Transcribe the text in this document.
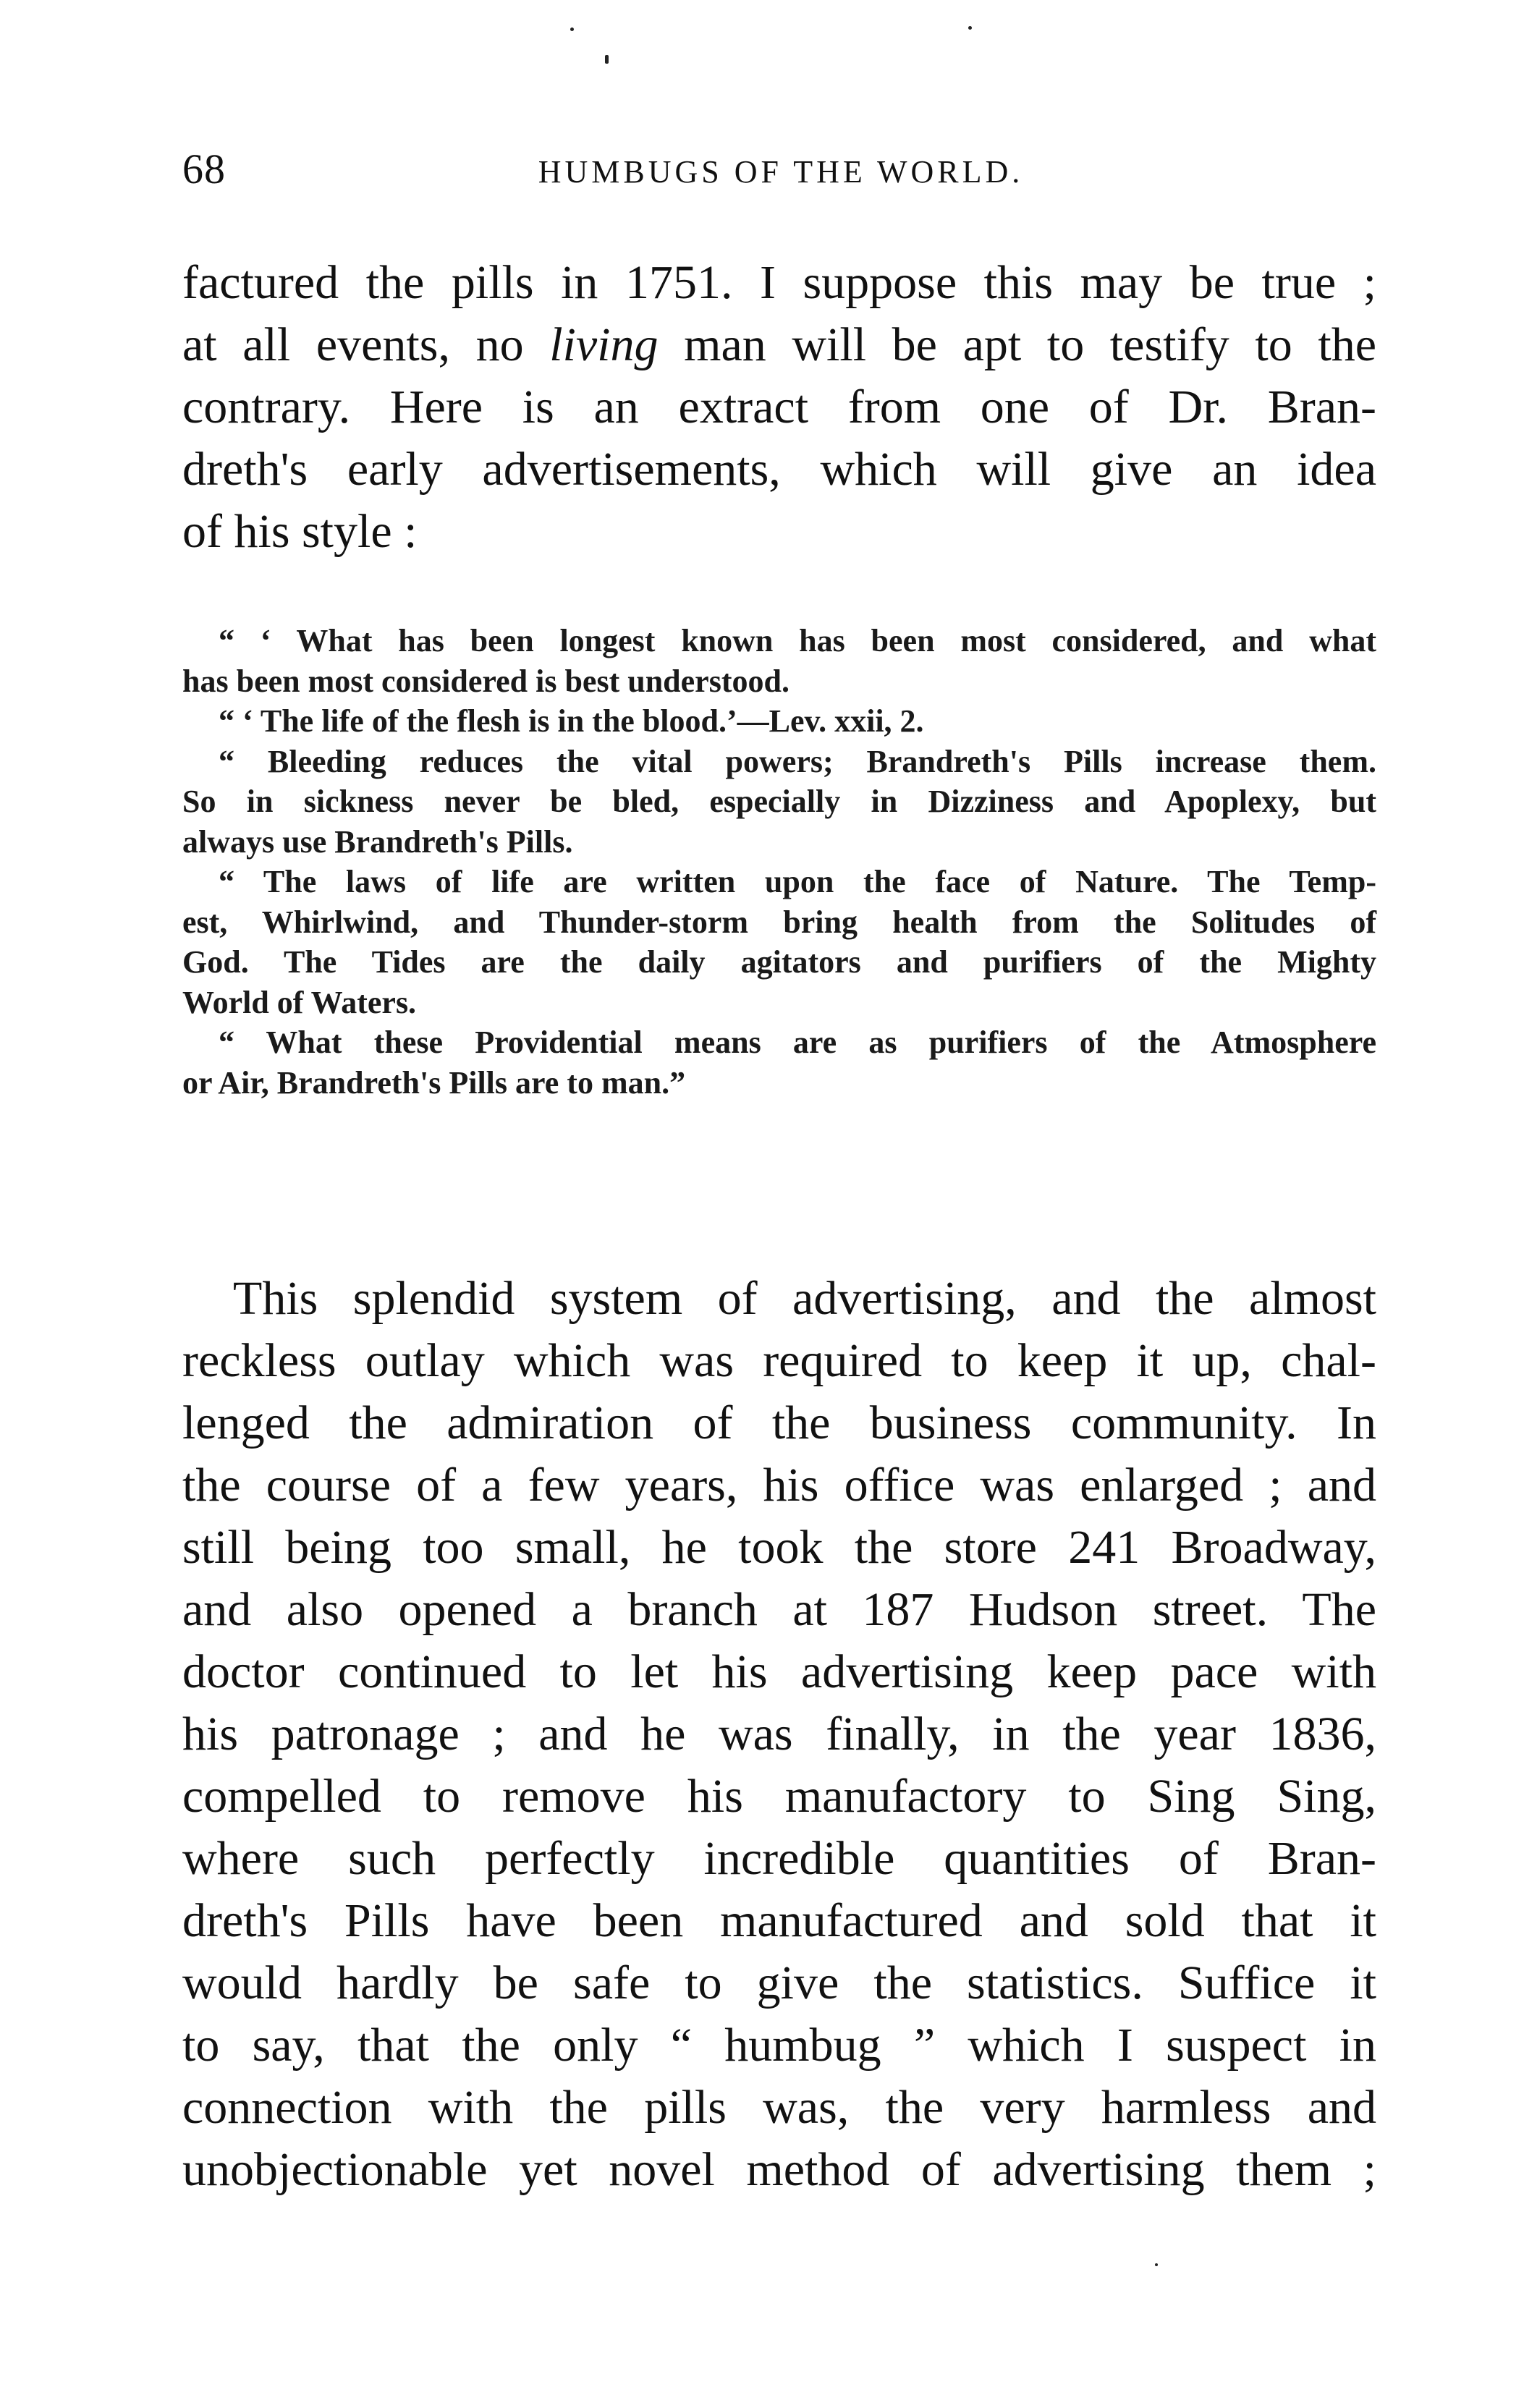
68	HUMBUGS OF THE WORLD.
factured the pills in 1751. I suppose this may be true ;
at all events, no living man will be apt to testify to the
contrary. Here is an extract from one of Dr. Bran-
dreth's early advertisements, which will give an idea
of his style :
“ ‘ What has been longest known has been most considered, and what
has been most considered is best understood.
“ ‘ The life of the flesh is in the blood.’—Lev. xxii, 2.
“ Bleeding reduces the vital powers; Brandreth's Pills increase them.
So in sickness never be bled, especially in Dizziness and Apoplexy, but
always use Brandreth's Pills.
“ The laws of life are written upon the face of Nature. The Temp-
est, Whirlwind, and Thunder-storm bring health from the Solitudes of
God. The Tides are the daily agitators and purifiers of the Mighty
World of Waters.
“ What these Providential means are as purifiers of the Atmosphere
or Air, Brandreth's Pills are to man.”
This splendid system of advertising, and the almost
reckless outlay which was required to keep it up, chal-
lenged the admiration of the business community. In
the course of a few years, his office was enlarged ; and
still being too small, he took the store 241 Broadway,
and also opened a branch at 187 Hudson street. The
doctor continued to let his advertising keep pace with
his patronage ; and he was finally, in the year 1836,
compelled to remove his manufactory to Sing Sing,
where such perfectly incredible quantities of Bran-
dreth's Pills have been manufactured and sold that it
would hardly be safe to give the statistics. Suffice it
to say, that the only “ humbug ” which I suspect in
connection with the pills was, the very harmless and
unobjectionable yet novel method of advertising them ;
